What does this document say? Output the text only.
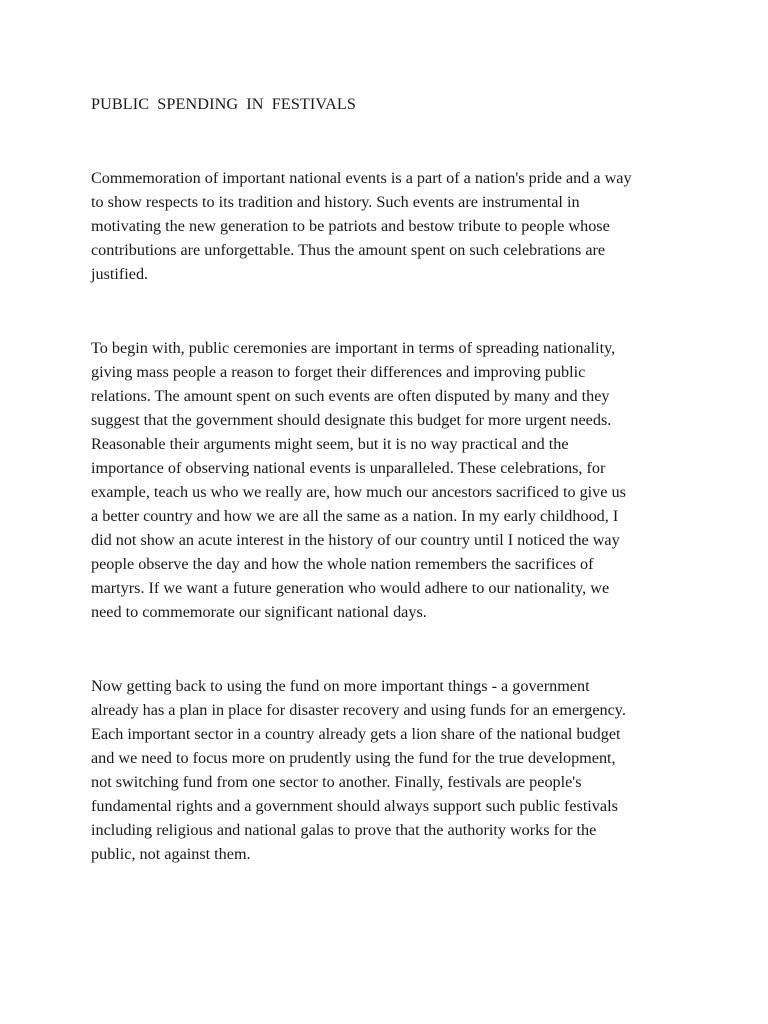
PUBLIC SPENDING IN FESTIVALS

Commemoration of important national events is a part of a nation's pride and a way
to show respects to its tradition and history. Such events are instrumental in
motivating the new generation to be patriots and bestow tribute to people whose
contributions are unforgettable. Thus the amount spent on such celebrations are
justified.

To begin with, public ceremonies are important in terms of spreading nationality,
giving mass people a reason to forget their differences and improving public
relations. The amount spent on such events are often disputed by many and they
suggest that the government should designate this budget for more urgent needs.
Reasonable their arguments might seem, but it is no way practical and the
importance of observing national events is unparalleled. These celebrations, for
example, teach us who we really are, how much our ancestors sacrificed to give us
a better country and how we are all the same as a nation. In my early childhood, I
did not show an acute interest in the history of our country until I noticed the way
people observe the day and how the whole nation remembers the sacrifices of
martyrs. If we want a future generation who would adhere to our nationality, we
need to commemorate our significant national days.

Now getting back to using the fund on more important things - a government
already has a plan in place for disaster recovery and using funds for an emergency.
Each important sector in a country already gets a lion share of the national budget
and we need to focus more on prudently using the fund for the true development,
not switching fund from one sector to another. Finally, festivals are people's
fundamental rights and a government should always support such public festivals
including religious and national galas to prove that the authority works for the
public, not against them.
